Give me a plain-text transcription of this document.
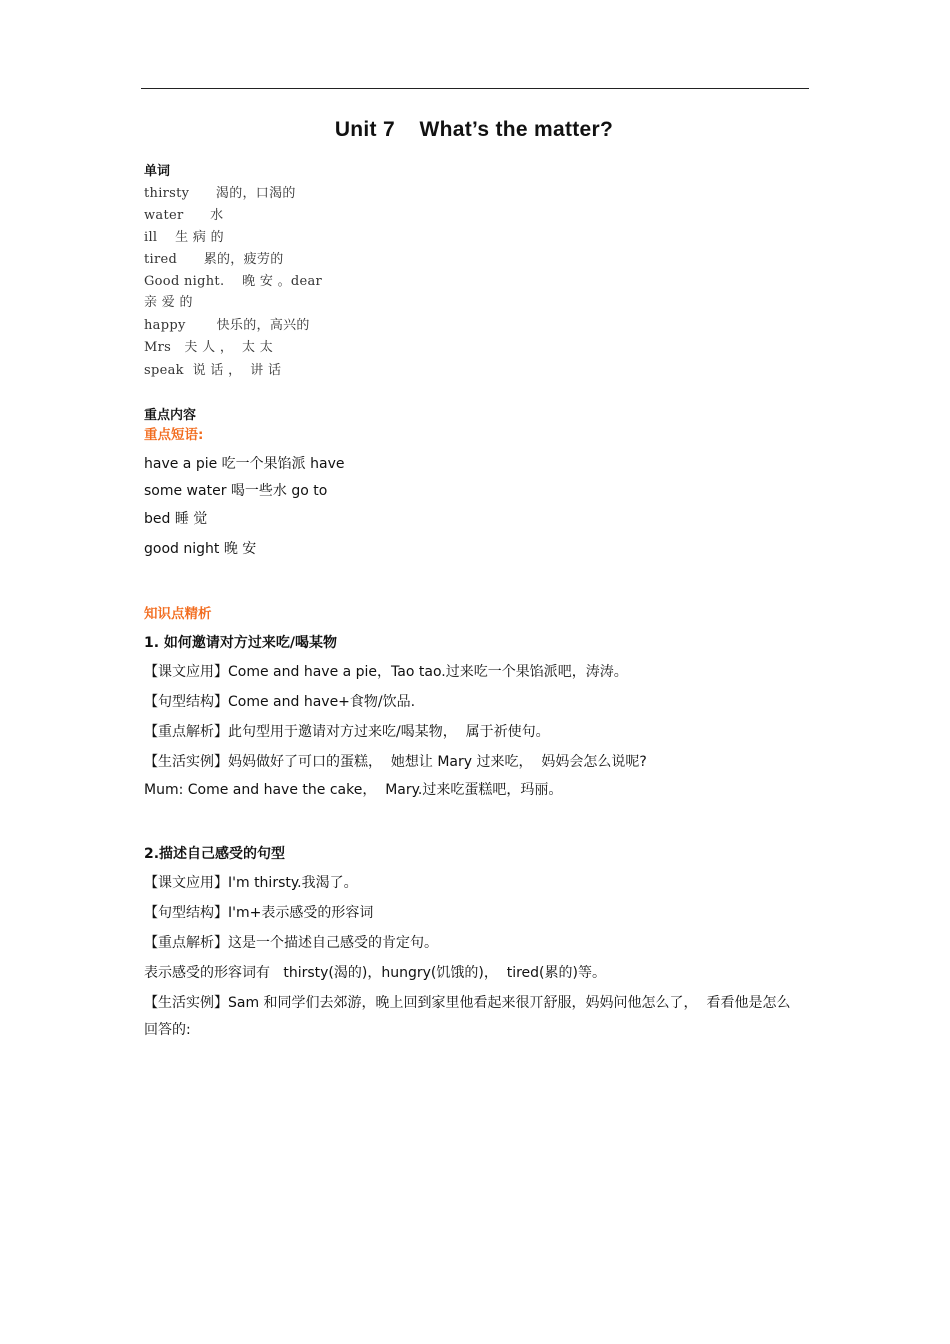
Unit 7    What’s the matter?
单词
thirsty      渴的，口渴的
water      水
ill    生 病 的
tired      累的，疲劳的
Good night.    晚 安 。dear
亲 爱 的
happy       快乐的，高兴的
Mrs   夫 人 ，  太 太
speak  说 话 ，  讲 话
重点内容
重点短语:
have a pie 吃一个果馅派 have
some water 喝一些水 go to
bed 睡 觉
good night 晚 安
知识点精析
1. 如何邀请对方过来吃/喝某物
【课文应用】Come and have a pie，Tao tao.过来吃一个果馅派吧，涛涛。
【句型结构】Come and have+食物/饮品.
【重点解析】此句型用于邀请对方过来吃/喝某物，  属于祈使句。
【生活实例】妈妈做好了可口的蛋糕，  她想让 Mary 过来吃，  妈妈会怎么说呢?
Mum: Come and have the cake，  Mary.过来吃蛋糕吧，玛丽。
2.描述自己感受的句型
【课文应用】I'm thirsty.我渴了。
【句型结构】I'm+表示感受的形容词
【重点解析】这是一个描述自己感受的肯定句。
表示感受的形容词有   thirsty(渴的)，hungry(饥饿的)，  tired(累的)等。
【生活实例】Sam 和同学们去郊游，晚上回到家里他看起来很丌舒服，妈妈问他怎么了，  看看他是怎么
回答的:
